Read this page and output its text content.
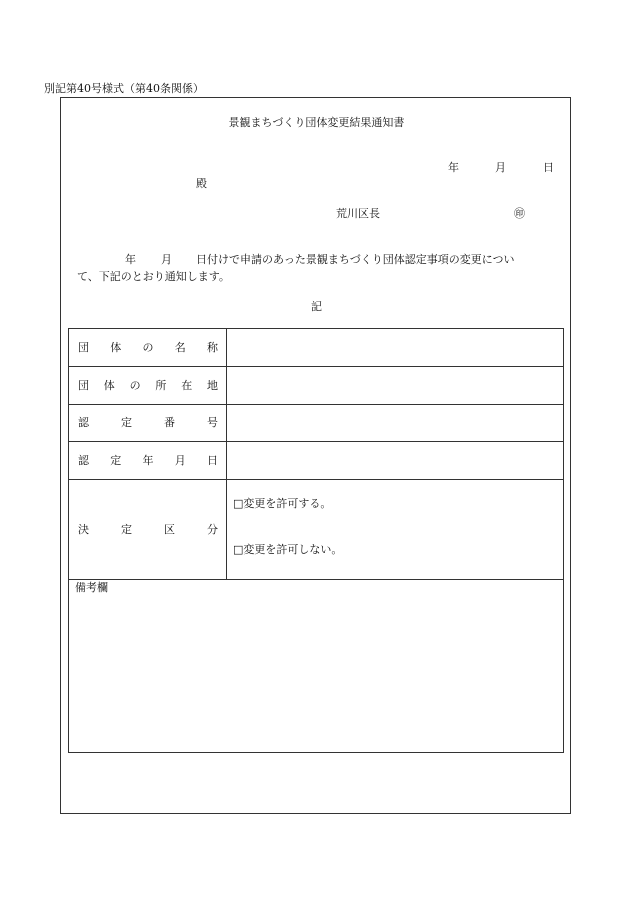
別記第40号様式（第40条関係）
景観まちづくり団体変更結果通知書
年	月	日
殿
荒川区長	㊞
年 月 日付けで申請のあった景観まちづくり団体認定事項の変更につい
て、下記のとおり通知します。
記
団 体 の 名 称
団 体 の 所 在 地
認	定	番	号
認 定 年 月 日
決	定	区	分
□変更を許可する。
□変更を許可しない。
備考欄
